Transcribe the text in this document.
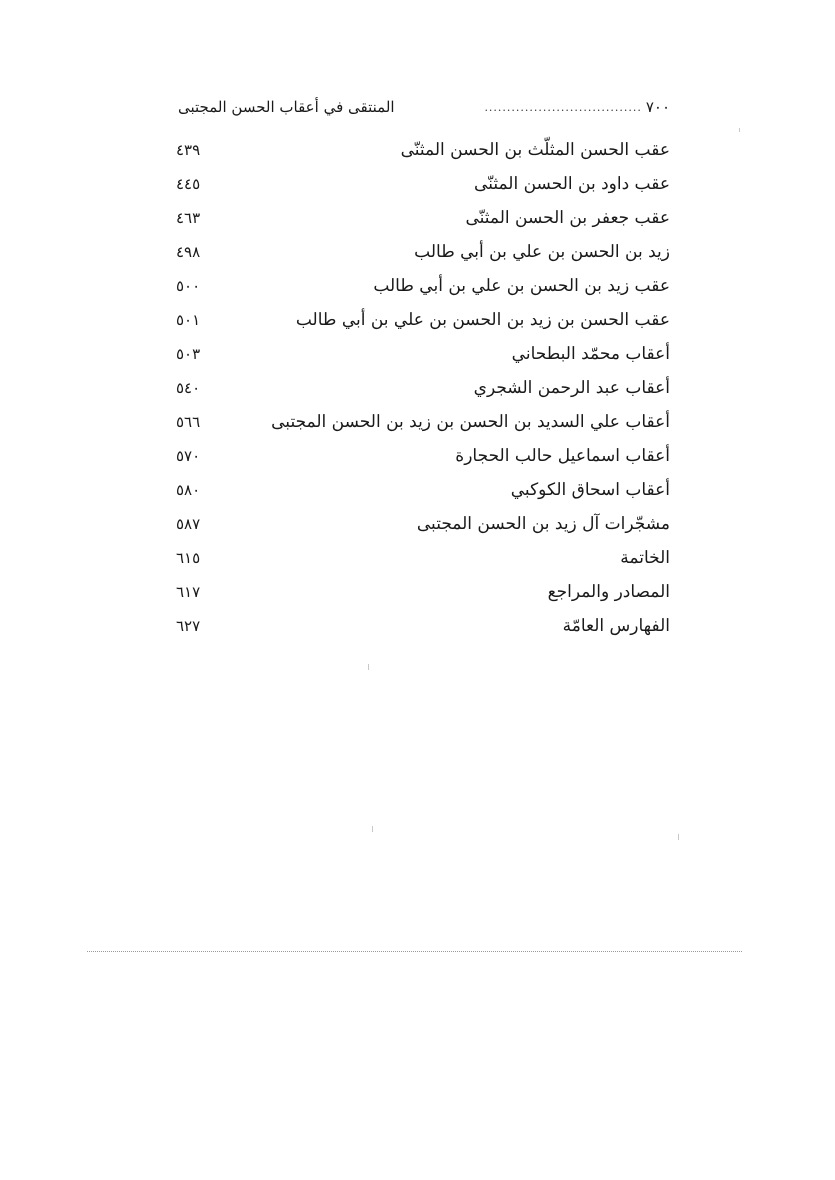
٧٠٠
...................................
المنتقى في أعقاب الحسن المجتبى
عقب الحسن المثلّث بن الحسن المثنّى
٤٣٩
عقب داود بن الحسن المثنّى
٤٤٥
عقب جعفر بن الحسن المثنّى
٤٦٣
زيد بن الحسن بن علي بن أبي طالب
٤٩٨
عقب زيد بن الحسن بن علي بن أبي طالب
٥٠٠
عقب الحسن بن زيد بن الحسن بن علي بن أبي طالب
٥٠١
أعقاب محمّد البطحاني
٥٠٣
أعقاب عبد الرحمن الشجري
٥٤٠
أعقاب علي السديد بن الحسن بن زيد بن الحسن المجتبى
٥٦٦
أعقاب اسماعيل حالب الحجارة
٥٧٠
أعقاب اسحاق الكوكبي
٥٨٠
مشجّرات آل زيد بن الحسن المجتبى
٥٨٧
الخاتمة
٦١٥
المصادر والمراجع
٦١٧
الفهارس العامّة
٦٢٧
